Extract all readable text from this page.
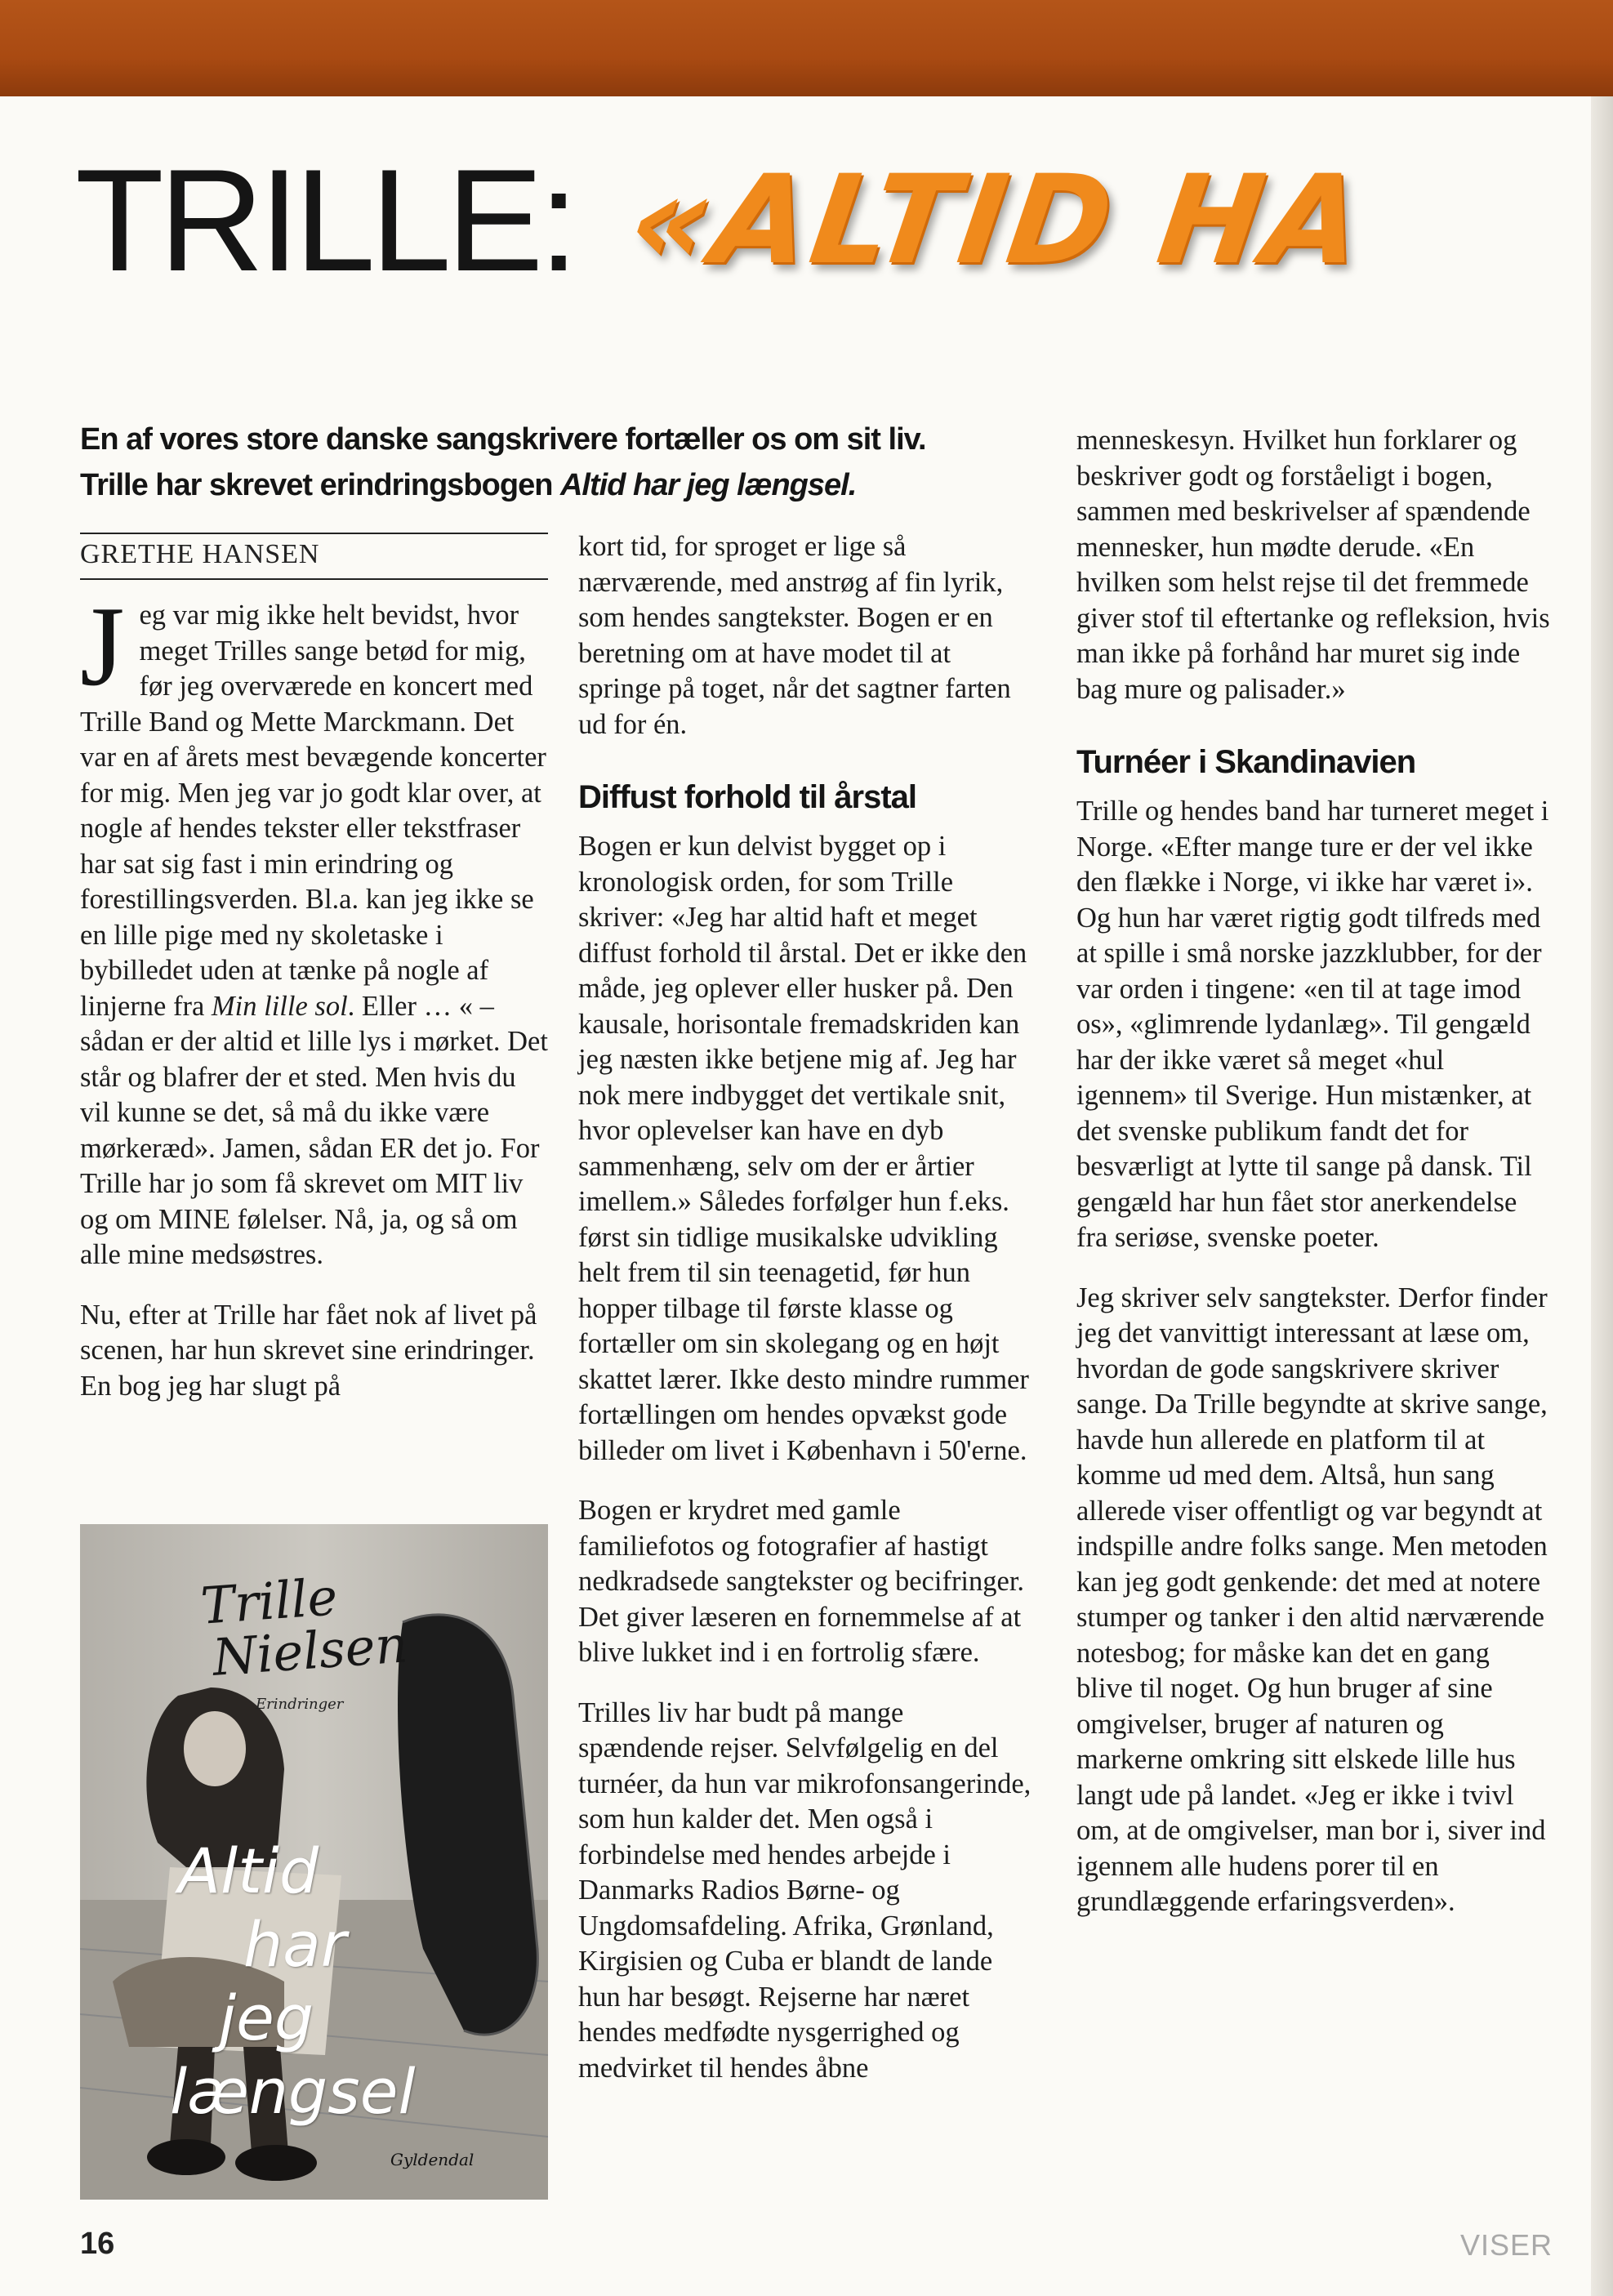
TRILLE: «ALTID HA
En af vores store danske sangskrivere fortæller os om sit liv.
Trille har skrevet erindringsbogen Altid har jeg længsel.
GRETHE HANSEN

Jeg var mig ikke helt bevidst, hvor meget Trilles sange betød for mig, før jeg overværede en koncert med Trille Band og Mette Marckmann. Det var en af årets mest bevægende koncerter for mig. Men jeg var jo godt klar over, at nogle af hendes tekster eller tekstfraser har sat sig fast i min erindring og forestillingsverden. Bl.a. kan jeg ikke se en lille pige med ny skoletaske i bybilledet uden at tænke på nogle af linjerne fra Min lille sol. Eller … « – sådan er der altid et lille lys i mørket. Det står og blafrer der et sted. Men hvis du vil kunne se det, så må du ikke være mørkeræd». Jamen, sådan ER det jo. For Trille har jo som få skrevet om MIT liv og om MINE følelser. Nå, ja, og så om alle mine medsøstres.

Nu, efter at Trille har fået nok af livet på scenen, har hun skrevet sine erindringer. En bog jeg har slugt på

Trille
Nielsen
Erindringer
Altid
har
jeg
længsel
Gyldendal

kort tid, for sproget er lige så nærværende, med anstrøg af fin lyrik, som hendes sangtekster. Bogen er en beretning om at have modet til at springe på toget, når det sagtner farten ud for én.

Diffust forhold til årstal

Bogen er kun delvist bygget op i kronologisk orden, for som Trille skriver: «Jeg har altid haft et meget diffust forhold til årstal. Det er ikke den måde, jeg oplever eller husker på. Den kausale, horisontale fremadskriden kan jeg næsten ikke betjene mig af. Jeg har nok mere indbygget det vertikale snit, hvor oplevelser kan have en dyb sammenhæng, selv om der er årtier imellem.» Således forfølger hun f.eks. først sin tidlige musikalske udvikling helt frem til sin teenagetid, før hun hopper tilbage til første klasse og fortæller om sin skolegang og en højt skattet lærer. Ikke desto mindre rummer fortællingen om hendes opvækst gode billeder om livet i København i 50'erne.

Bogen er krydret med gamle familiefotos og fotografier af hastigt nedkradsede sangtekster og becifringer. Det giver læseren en fornemmelse af at blive lukket ind i en fortrolig sfære.

Trilles liv har budt på mange spændende rejser. Selvfølgelig en del turnéer, da hun var mikrofonsangerinde, som hun kalder det. Men også i forbindelse med hendes arbejde i Danmarks Radios Børne- og Ungdomsafdeling. Afrika, Grønland, Kirgisien og Cuba er blandt de lande hun har besøgt. Rejserne har næret hendes medfødte nysgerrighed og medvirket til hendes åbne

menneskesyn. Hvilket hun forklarer og beskriver godt og forståeligt i bogen, sammen med beskrivelser af spændende mennesker, hun mødte derude. «En hvilken som helst rejse til det fremmede giver stof til eftertanke og refleksion, hvis man ikke på forhånd har muret sig inde bag mure og palisader.»

Turnéer i Skandinavien

Trille og hendes band har turneret meget i Norge. «Efter mange ture er der vel ikke den flække i Norge, vi ikke har været i». Og hun har været rigtig godt tilfreds med at spille i små norske jazzklubber, for der var orden i tingene: «en til at tage imod os», «glimrende lydanlæg». Til gengæld har der ikke været så meget «hul igennem» til Sverige. Hun mistænker, at det svenske publikum fandt det for besværligt at lytte til sange på dansk. Til gengæld har hun fået stor anerkendelse fra seriøse, svenske poeter.

Jeg skriver selv sangtekster. Derfor finder jeg det vanvittigt interessant at læse om, hvordan de gode sangskrivere skriver sange. Da Trille begyndte at skrive sange, havde hun allerede en platform til at komme ud med dem. Altså, hun sang allerede viser offentligt og var begyndt at indspille andre folks sange. Men metoden kan jeg godt genkende: det med at notere stumper og tanker i den altid nærværende notesbog; for måske kan det en gang blive til noget. Og hun bruger af sine omgivelser, bruger af naturen og markerne omkring sitt elskede lille hus langt ude på landet. «Jeg er ikke i tvivl om, at de omgivelser, man bor i, siver ind igennem alle hudens porer til en grundlæggende erfaringsverden».

16	VISER
